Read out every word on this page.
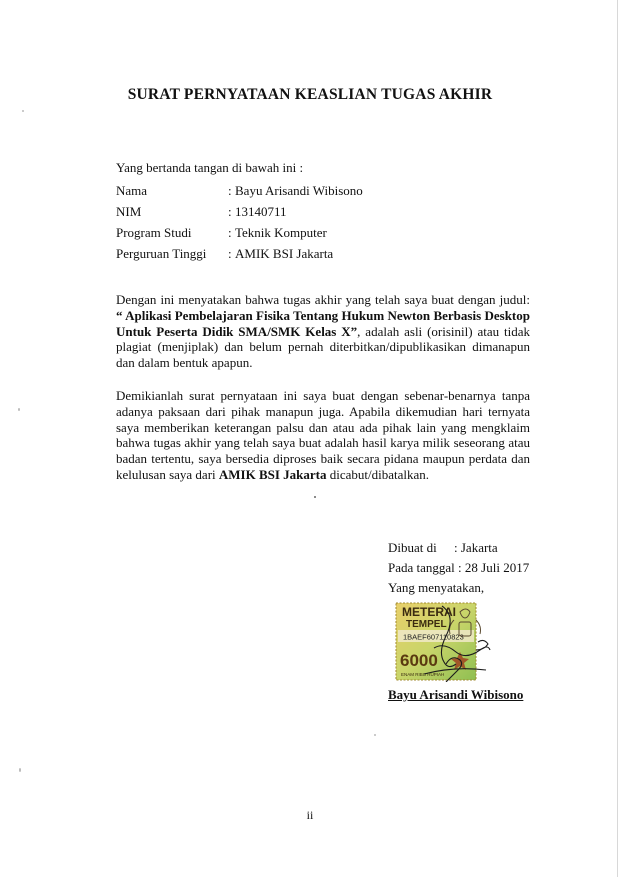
SURAT PERNYATAAN KEASLIAN TUGAS AKHIR
Yang bertanda tangan di bawah ini :
Nama	: Bayu Arisandi Wibisono
NIM	: 13140711
Program Studi	: Teknik Komputer
Perguruan Tinggi	: AMIK BSI Jakarta
Dengan ini menyatakan bahwa tugas akhir yang telah saya buat dengan judul: “ Aplikasi Pembelajaran Fisika Tentang Hukum Newton Berbasis Desktop Untuk Peserta Didik SMA/SMK Kelas X”, adalah asli (orisinil) atau tidak plagiat (menjiplak) dan belum pernah diterbitkan/dipublikasikan dimanapun dan dalam bentuk apapun.
Demikianlah surat pernyataan ini saya buat dengan sebenar-benarnya tanpa adanya paksaan dari pihak manapun juga. Apabila dikemudian hari ternyata saya memberikan keterangan palsu dan atau ada pihak lain yang mengklaim bahwa tugas akhir yang telah saya buat adalah hasil karya milik seseorang atau badan tertentu, saya bersedia diproses baik secara pidana maupun perdata dan kelulusan saya dari AMIK BSI Jakarta dicabut/dibatalkan.
Dibuat di : Jakarta
Pada tanggal : 28 Juli 2017
Yang menyatakan,
METERAI
TEMPEL
1BAEF607110823
6000
ENAM RIBU RUPIAH
Bayu Arisandi Wibisono
ii
